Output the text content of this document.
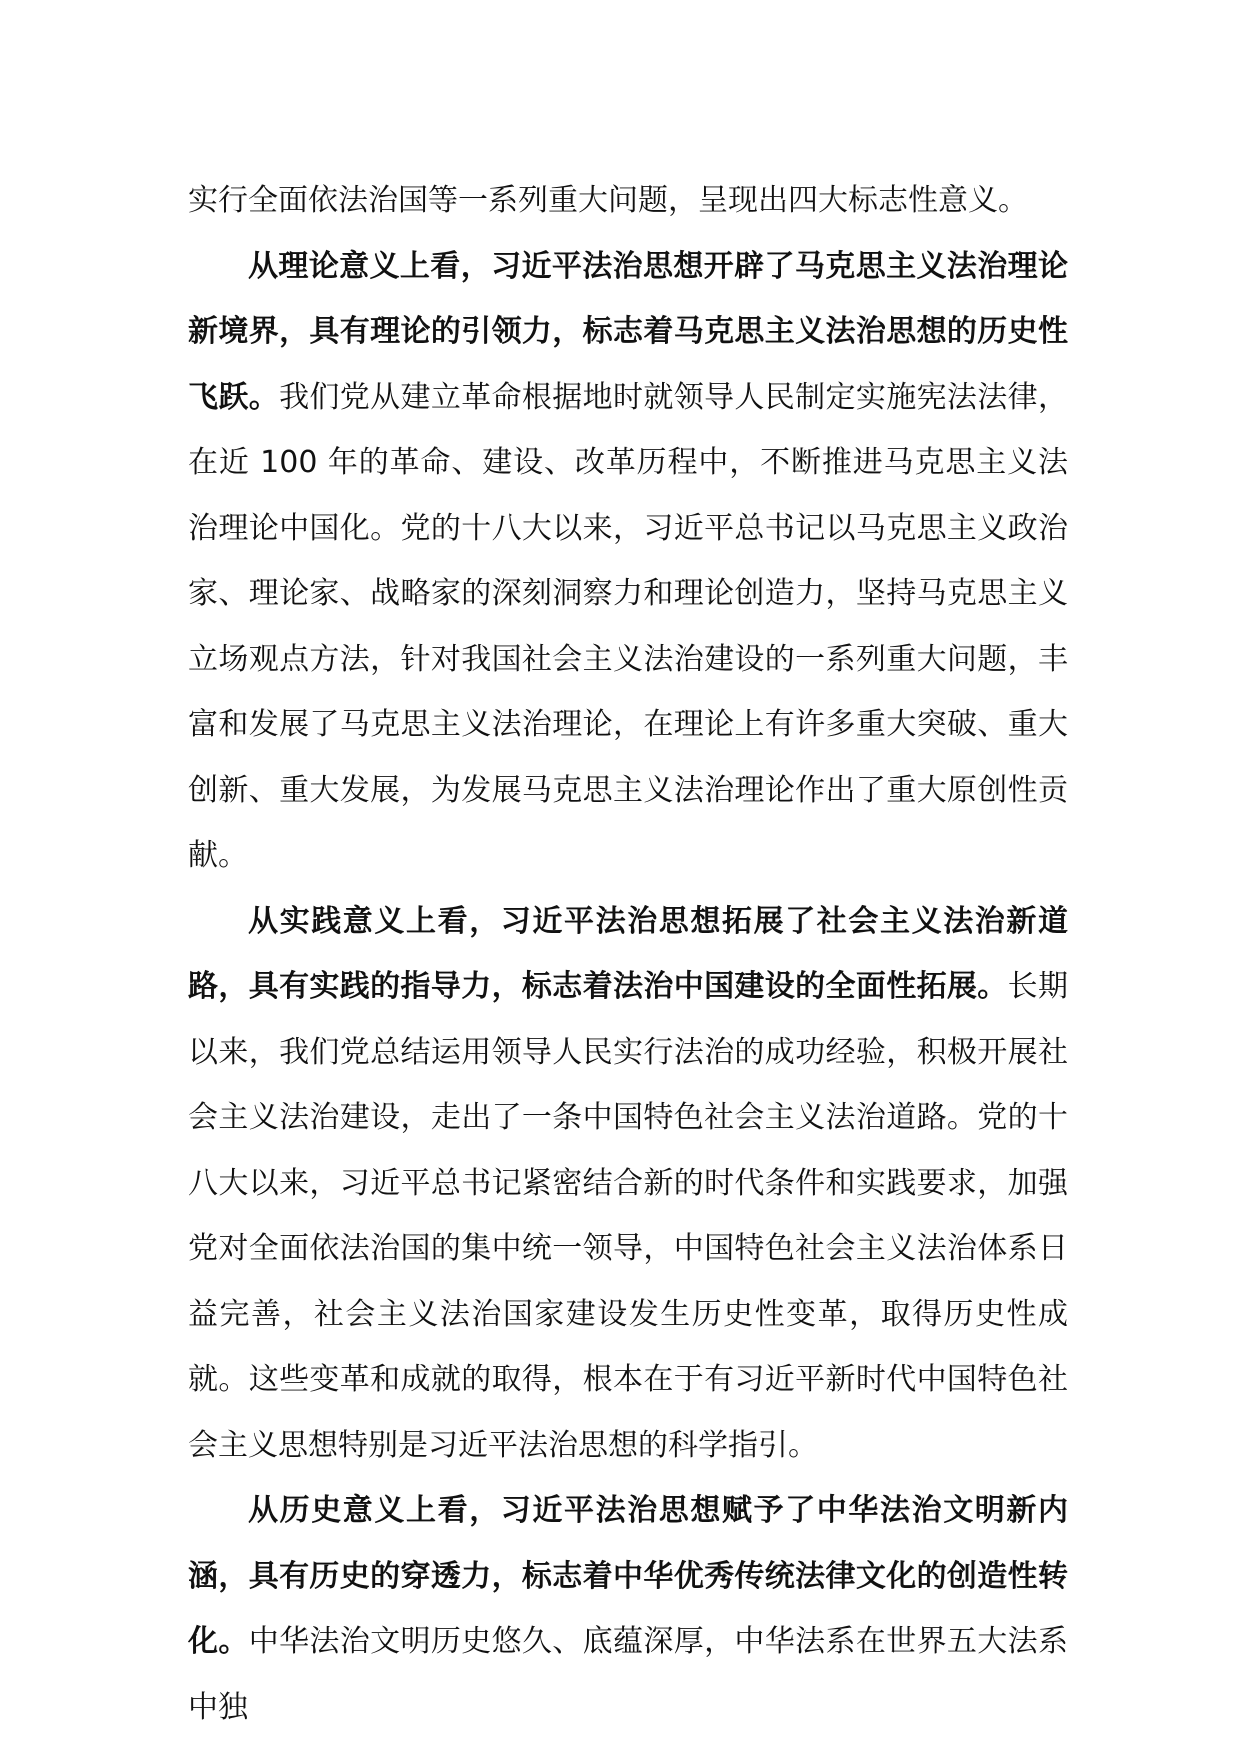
实行全面依法治国等一系列重大问题，呈现出四大标志性意义。

从理论意义上看，习近平法治思想开辟了马克思主义法治理论新境界，具有理论的引领力，标志着马克思主义法治思想的历史性飞跃。我们党从建立革命根据地时就领导人民制定实施宪法法律，在近 100 年的革命、建设、改革历程中，不断推进马克思主义法治理论中国化。党的十八大以来，习近平总书记以马克思主义政治家、理论家、战略家的深刻洞察力和理论创造力，坚持马克思主义立场观点方法，针对我国社会主义法治建设的一系列重大问题，丰富和发展了马克思主义法治理论，在理论上有许多重大突破、重大创新、重大发展，为发展马克思主义法治理论作出了重大原创性贡献。

从实践意义上看，习近平法治思想拓展了社会主义法治新道路，具有实践的指导力，标志着法治中国建设的全面性拓展。长期以来，我们党总结运用领导人民实行法治的成功经验，积极开展社会主义法治建设，走出了一条中国特色社会主义法治道路。党的十八大以来，习近平总书记紧密结合新的时代条件和实践要求，加强党对全面依法治国的集中统一领导，中国特色社会主义法治体系日益完善，社会主义法治国家建设发生历史性变革，取得历史性成就。这些变革和成就的取得，根本在于有习近平新时代中国特色社会主义思想特别是习近平法治思想的科学指引。

从历史意义上看，习近平法治思想赋予了中华法治文明新内涵，具有历史的穿透力，标志着中华优秀传统法律文化的创造性转化。中华法治文明历史悠久、底蕴深厚，中华法系在世界五大法系中独
